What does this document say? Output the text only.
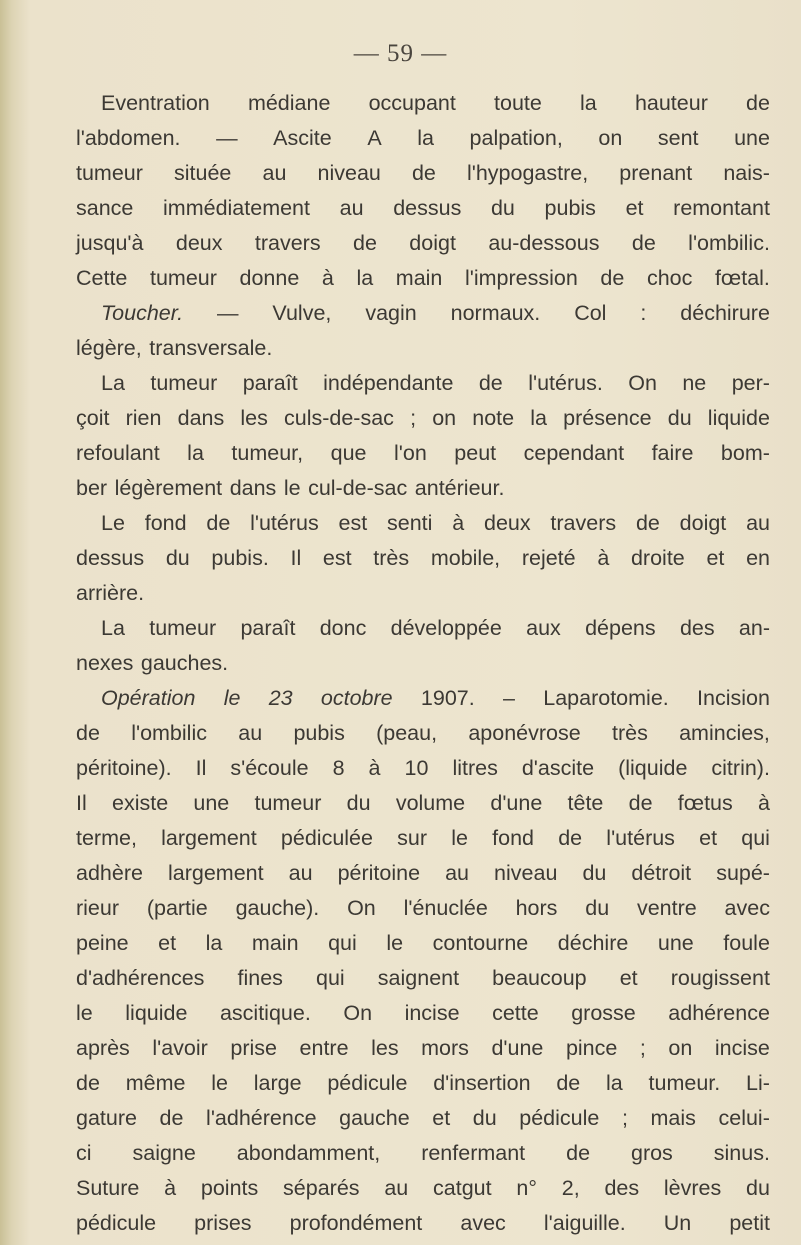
— 59 —
Eventration médiane occupant toute la hauteur de
l'abdomen. — Ascite A la palpation, on sent une
tumeur située au niveau de l'hypogastre, prenant nais-
sance immédiatement au dessus du pubis et remontant
jusqu'à deux travers de doigt au-dessous de l'ombilic.
Cette tumeur donne à la main l'impression de choc fœtal.
Toucher. — Vulve, vagin normaux. Col : déchirure
légère, transversale.
La tumeur paraît indépendante de l'utérus. On ne per-
çoit rien dans les culs-de-sac ; on note la présence du liquide
refoulant la tumeur, que l'on peut cependant faire bom-
ber légèrement dans le cul-de-sac antérieur.
Le fond de l'utérus est senti à deux travers de doigt au
dessus du pubis. Il est très mobile, rejeté à droite et en
arrière.
La tumeur paraît donc développée aux dépens des an-
nexes gauches.
Opération le 23 octobre 1907. – Laparotomie. Incision
de l'ombilic au pubis (peau, aponévrose très amincies,
péritoine). Il s'écoule 8 à 10 litres d'ascite (liquide citrin).
Il existe une tumeur du volume d'une tête de fœtus à
terme, largement pédiculée sur le fond de l'utérus et qui
adhère largement au péritoine au niveau du détroit supé-
rieur (partie gauche). On l'énuclée hors du ventre avec
peine et la main qui le contourne déchire une foule
d'adhérences fines qui saignent beaucoup et rougissent
le liquide ascitique. On incise cette grosse adhérence
après l'avoir prise entre les mors d'une pince ; on incise
de même le large pédicule d'insertion de la tumeur. Li-
gature de l'adhérence gauche et du pédicule ; mais celui-
ci saigne abondamment, renfermant de gros sinus.
Suture à points séparés au catgut n° 2, des lèvres du
pédicule prises profondément avec l'aiguille. Un petit
